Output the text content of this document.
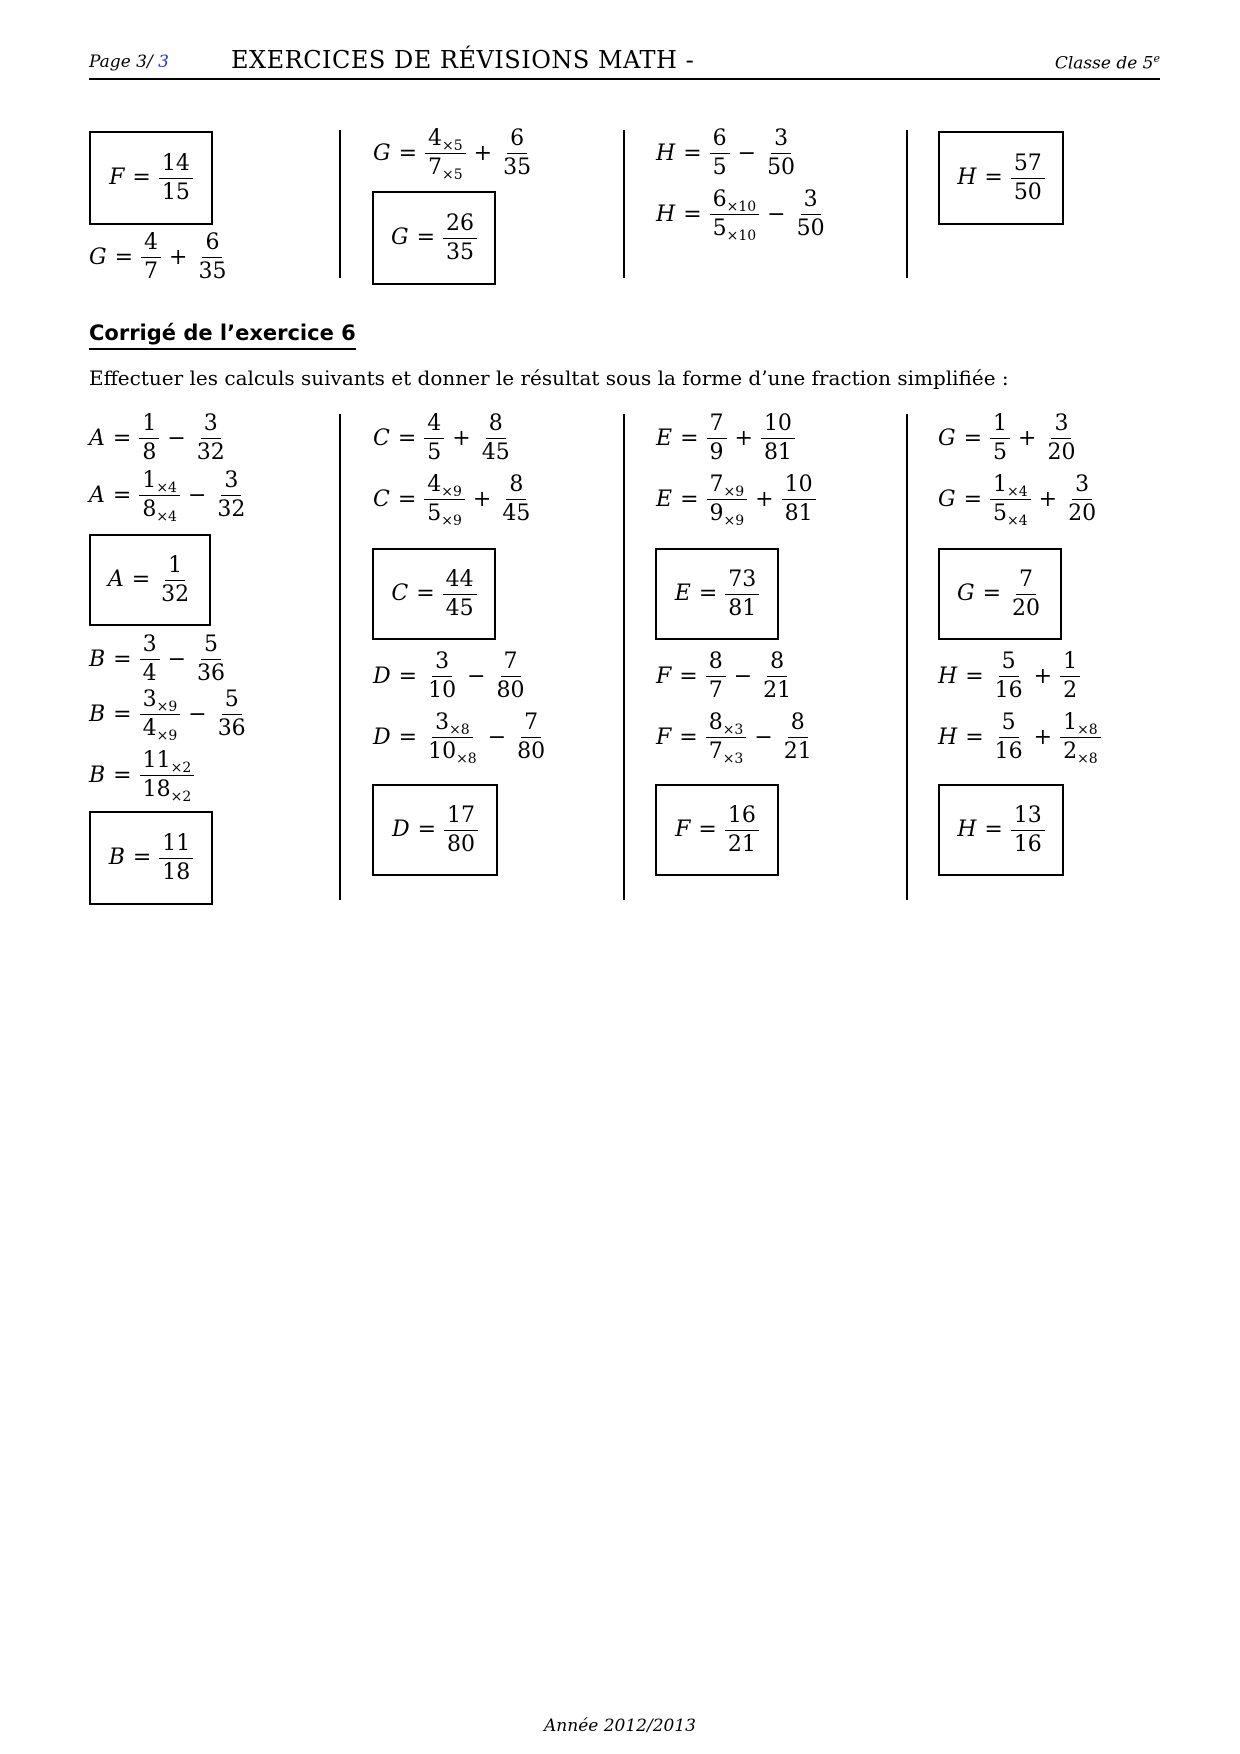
Page 3/ 3	EXERCICES DE RÉVISIONS MATH -	Classe de 5e
$F = \frac{14}{15}$
$G = \frac{4}{7} + \frac{6}{35}$
$G = \frac{4_{\times 5}}{7_{\times 5}} + \frac{6}{35}$
$G = \frac{26}{35}$
$H = \frac{6}{5} - \frac{3}{50}$
$H = \frac{6_{\times 10}}{5_{\times 10}} - \frac{3}{50}$
$H = \frac{57}{50}$
Corrigé de l’exercice 6
Effectuer les calculs suivants et donner le résultat sous la forme d’une fraction simplifiée :
$A = \frac{1}{8} - \frac{3}{32}$
$A = \frac{1_{\times 4}}{8_{\times 4}} - \frac{3}{32}$
$A = \frac{1}{32}$
$B = \frac{3}{4} - \frac{5}{36}$
$B = \frac{3_{\times 9}}{4_{\times 9}} - \frac{5}{36}$
$B = \frac{11_{\times 2}}{18_{\times 2}}$
$B = \frac{11}{18}$
$C = \frac{4}{5} + \frac{8}{45}$
$C = \frac{4_{\times 9}}{5_{\times 9}} + \frac{8}{45}$
$C = \frac{44}{45}$
$D = \frac{3}{10} - \frac{7}{80}$
$D = \frac{3_{\times 8}}{10_{\times 8}} - \frac{7}{80}$
$D = \frac{17}{80}$
$E = \frac{7}{9} + \frac{10}{81}$
$E = \frac{7_{\times 9}}{9_{\times 9}} + \frac{10}{81}$
$E = \frac{73}{81}$
$F = \frac{8}{7} - \frac{8}{21}$
$F = \frac{8_{\times 3}}{7_{\times 3}} - \frac{8}{21}$
$F = \frac{16}{21}$
$G = \frac{1}{5} + \frac{3}{20}$
$G = \frac{1_{\times 4}}{5_{\times 4}} + \frac{3}{20}$
$G = \frac{7}{20}$
$H = \frac{5}{16} + \frac{1}{2}$
$H = \frac{5}{16} + \frac{1_{\times 8}}{2_{\times 8}}$
$H = \frac{13}{16}$
Année 2012/2013
